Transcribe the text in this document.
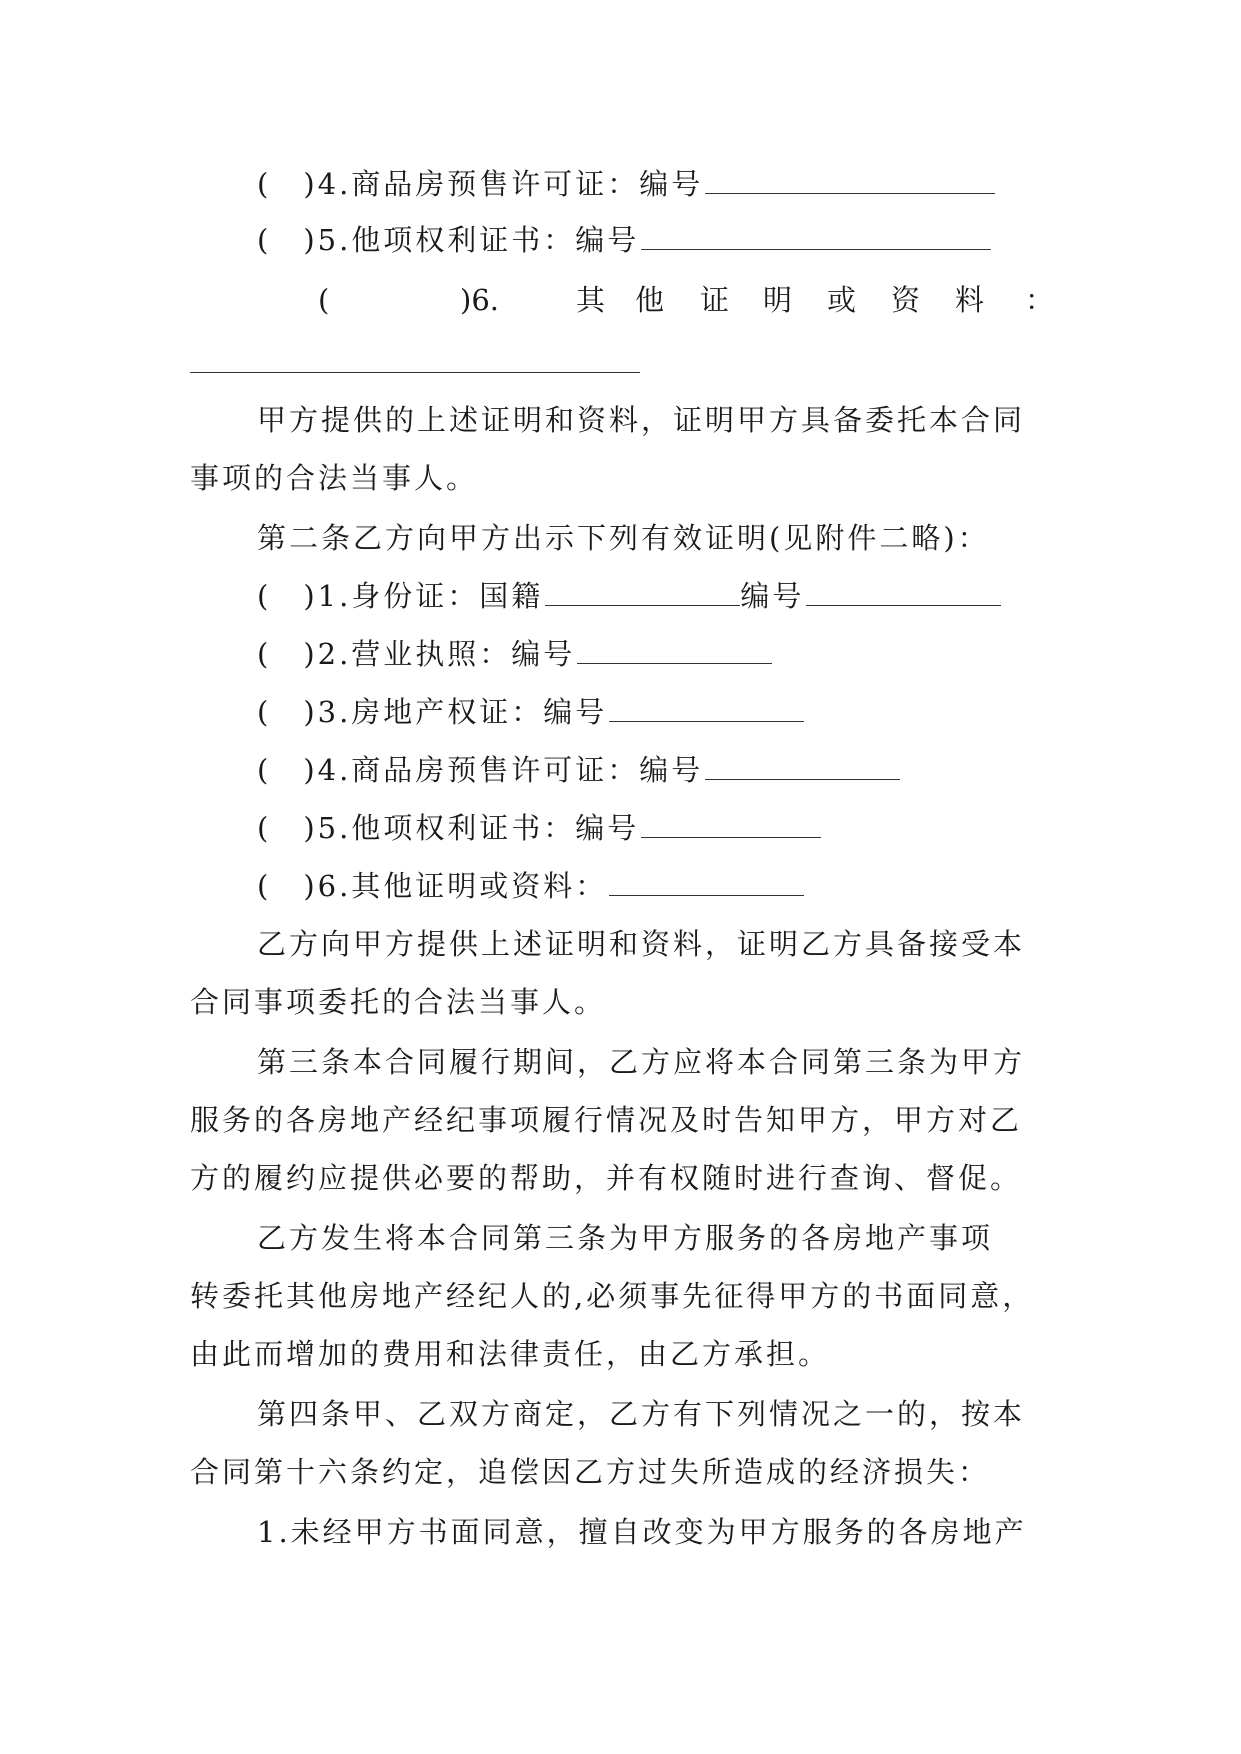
(　)4.商品房预售许可证：编号
(　)5.他项权利证书：编号
(	)6.	其 他 证 明 或 资 料 ：
甲方提供的上述证明和资料，证明甲方具备委托本合同
事项的合法当事人。
第二条乙方向甲方出示下列有效证明(见附件二略)：
(　)1.身份证：国籍	编号
(　)2.营业执照：编号
(　)3.房地产权证：编号
(　)4.商品房预售许可证：编号
(　)5.他项权利证书：编号
(　)6.其他证明或资料：
乙方向甲方提供上述证明和资料，证明乙方具备接受本
合同事项委托的合法当事人。
第三条本合同履行期间，乙方应将本合同第三条为甲方
服务的各房地产经纪事项履行情况及时告知甲方，甲方对乙
方的履约应提供必要的帮助，并有权随时进行查询、督促。
乙方发生将本合同第三条为甲方服务的各房地产事项
转委托其他房地产经纪人的,必须事先征得甲方的书面同意，
由此而增加的费用和法律责任，由乙方承担。
第四条甲、乙双方商定，乙方有下列情况之一的，按本
合同第十六条约定，追偿因乙方过失所造成的经济损失：
1.未经甲方书面同意，擅自改变为甲方服务的各房地产
